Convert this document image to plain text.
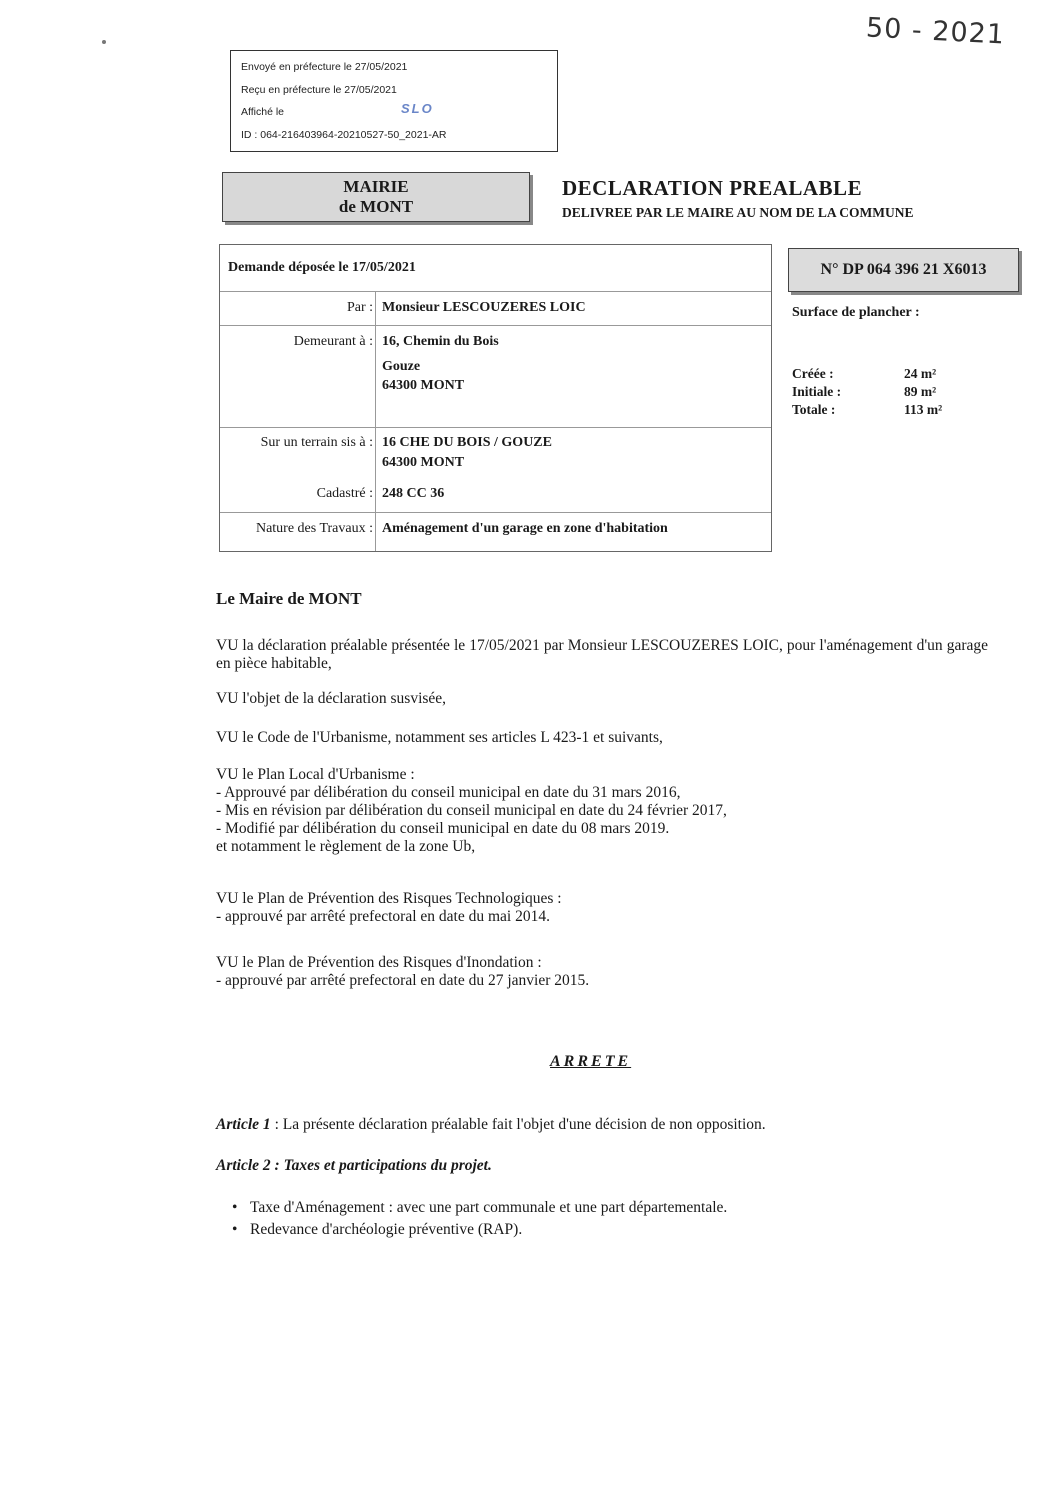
50 - 2021
Envoyé en préfecture le 27/05/2021
Reçu en préfecture le 27/05/2021
Affiché le	SLO
ID : 064-216403964-20210527-50_2021-AR
MAIRIE
de MONT
DECLARATION PREALABLE
DELIVREE PAR LE MAIRE AU NOM DE LA COMMUNE
Demande déposée le 17/05/2021
Par : Monsieur LESCOUZERES LOIC
Demeurant à : 16, Chemin du Bois
Gouze
64300 MONT
Sur un terrain sis à : 16 CHE DU BOIS / GOUZE
64300 MONT
Cadastré : 248 CC 36
Nature des Travaux : Aménagement d'un garage en zone d'habitation
N° DP 064 396 21 X6013
Surface de plancher :
Créée :	24 m²
Initiale :	89 m²
Totale :	113 m²
Le Maire de MONT
VU la déclaration préalable présentée le 17/05/2021 par Monsieur LESCOUZERES LOIC, pour l'aménagement d'un garage en pièce habitable,
VU l'objet de la déclaration susvisée,
VU le Code de l'Urbanisme, notamment ses articles L 423-1 et suivants,
VU le Plan Local d'Urbanisme :
- Approuvé par délibération du conseil municipal en date du 31 mars 2016,
- Mis en révision par délibération du conseil municipal en date du 24 février 2017,
- Modifié par délibération du conseil municipal en date du 08 mars 2019.
et notamment le règlement de la zone Ub,
VU le Plan de Prévention des Risques Technologiques :
- approuvé par arrêté prefectoral en date du mai 2014.
VU le Plan de Prévention des Risques d'Inondation :
- approuvé par arrêté prefectoral en date du 27 janvier 2015.
ARRETE
Article 1 : La présente déclaration préalable fait l'objet d'une décision de non opposition.
Article 2 : Taxes et participations du projet.
• Taxe d'Aménagement : avec une part communale et une part départementale.
• Redevance d'archéologie préventive (RAP).
